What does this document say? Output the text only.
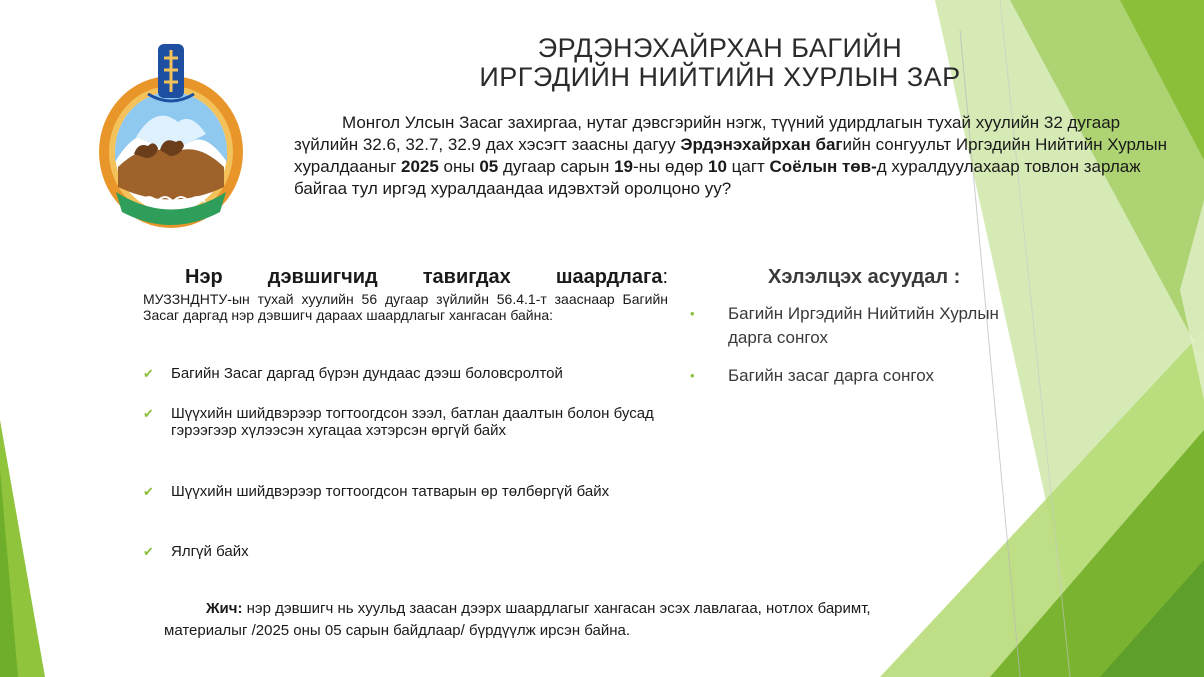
ЭРДЭНЭХАЙРХАН БАГИЙН
ИРГЭДИЙН НИЙТИЙН ХУРЛЫН ЗАР
Монгол Улсын Засаг захиргаа, нутаг дэвсгэрийн нэгж, түүний удирдлагын тухай хуулийн 32 дугаар зүйлийн 32.6, 32.7, 32.9 дах хэсэгт заасны дагуу Эрдэнэхайрхан багийн сонгуульт Иргэдийн Нийтийн Хурлын хуралдааныг 2025 оны 05 дугаар сарын 19-ны өдөр 10 цагт Соёлын төв-д хуралдуулахаар товлон зарлаж байгаа тул иргэд хуралдаандаа идэвхтэй оролцоно уу?
Нэр дэвшигчид тавигдах шаардлага:
МУЗЗНДНТУ-ын тухай хуулийн 56 дугаар зүйлийн 56.4.1-т зааснаар Багийн Засаг даргад нэр дэвшигч дараах шаардлагыг хангасан байна:
✔ Багийн Засаг даргад бүрэн дундаас дээш боловсролтой
✔ Шүүхийн шийдвэрээр тогтоогдсон зээл, батлан даалтын болон бусад гэрээгээр хүлээсэн хугацаа хэтэрсэн өргүй байх
✔ Шүүхийн шийдвэрээр тогтоогдсон татварын өр төлбөргүй байх
✔ Ялгүй байх
Хэлэлцэх асуудал :
• Багийн Иргэдийн Нийтийн Хурлын дарга сонгох
• Багийн засаг дарга сонгох
Жич: нэр дэвшигч нь хуульд заасан дээрх шаардлагыг хангасан эсэх лавлагаа, нотлох баримт,
материалыг /2025 оны 05 сарын байдлаар/ бүрдүүлж ирсэн байна.
